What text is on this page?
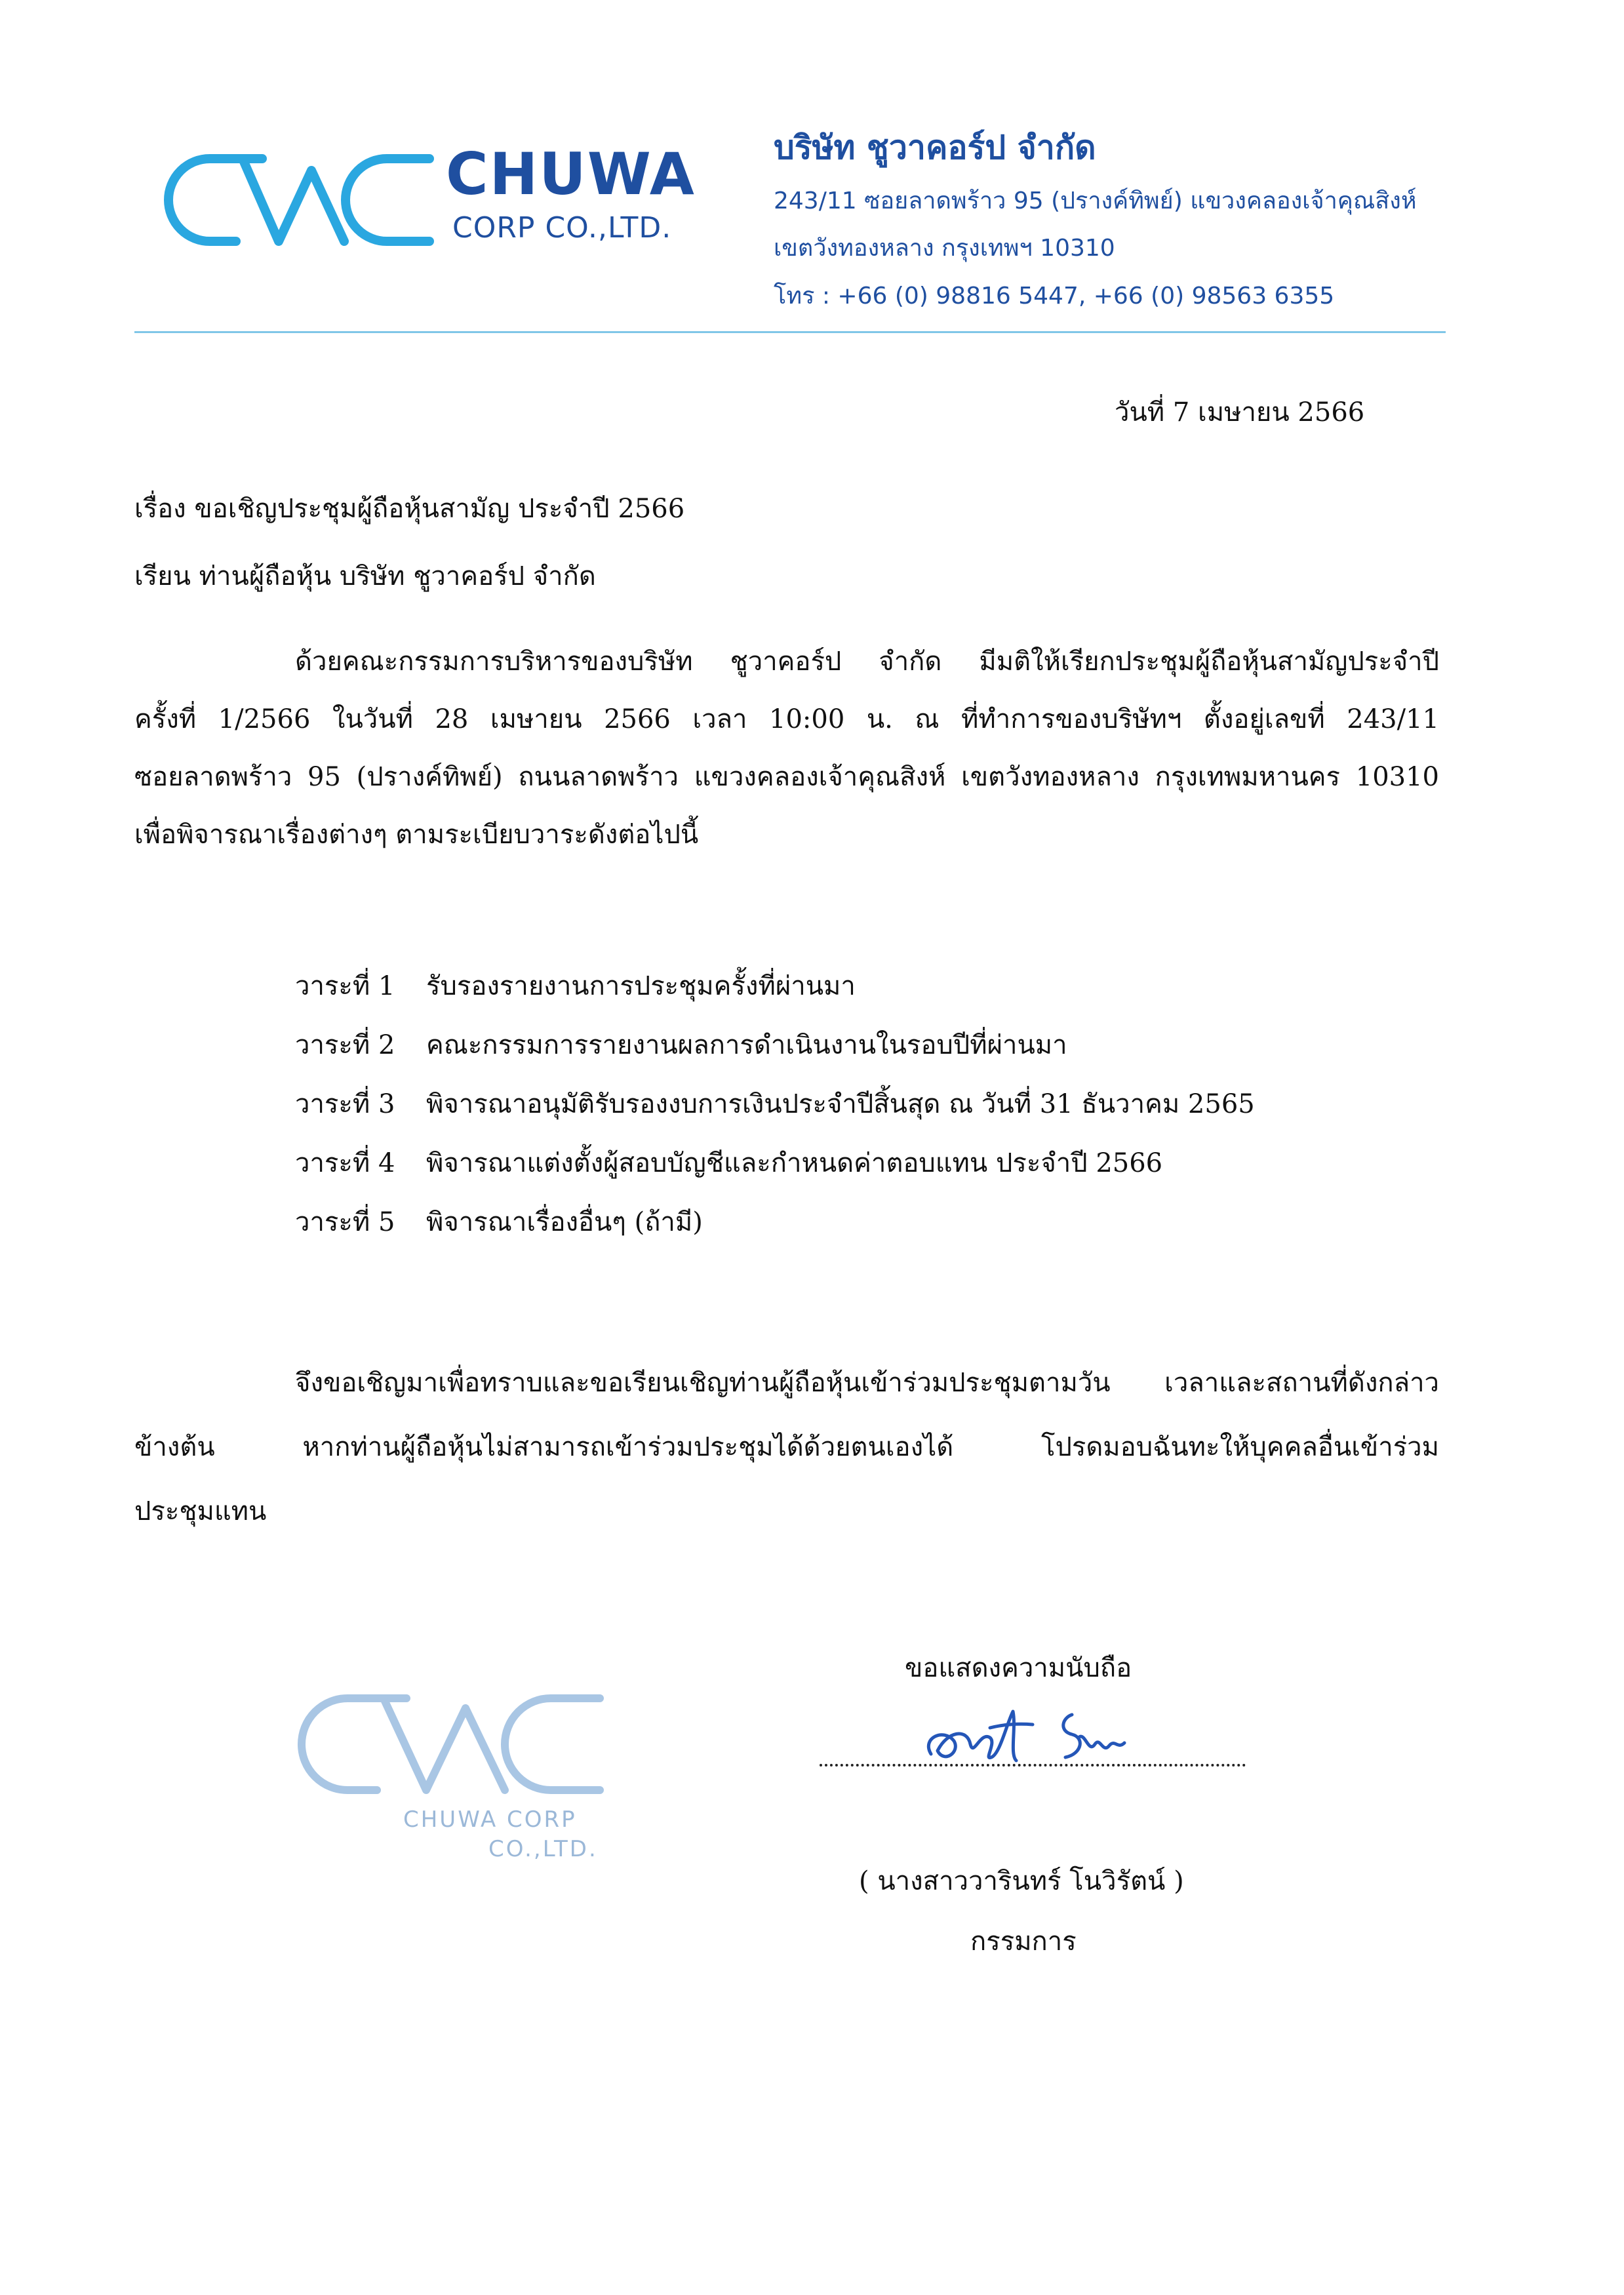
CHUWA
CORP CO.,LTD.
บริษัท ชูวาคอร์ป จำกัด
243/11 ซอยลาดพร้าว 95 (ปรางค์ทิพย์) แขวงคลองเจ้าคุณสิงห์
เขตวังทองหลาง กรุงเทพฯ 10310
โทร : +66 (0) 98816 5447, +66 (0) 98563 6355
วันที่ 7 เมษายน 2566
เรื่อง ขอเชิญประชุมผู้ถือหุ้นสามัญ ประจำปี 2566
เรียน ท่านผู้ถือหุ้น บริษัท ชูวาคอร์ป จำกัด
ด้วยคณะกรรมการบริหารของบริษัท ชูวาคอร์ป จำกัด มีมติให้เรียกประชุมผู้ถือหุ้นสามัญประจำปี
ครั้งที่ 1/2566 ในวันที่ 28 เมษายน 2566 เวลา 10:00 น. ณ ที่ทำการของบริษัทฯ ตั้งอยู่เลขที่ 243/11
ซอยลาดพร้าว 95 (ปรางค์ทิพย์) ถนนลาดพร้าว แขวงคลองเจ้าคุณสิงห์ เขตวังทองหลาง กรุงเทพมหานคร 10310
เพื่อพิจารณาเรื่องต่างๆ ตามระเบียบวาระดังต่อไปนี้
วาระที่ 1 รับรองรายงานการประชุมครั้งที่ผ่านมา
วาระที่ 2 คณะกรรมการรายงานผลการดำเนินงานในรอบปีที่ผ่านมา
วาระที่ 3 พิจารณาอนุมัติรับรองงบการเงินประจำปีสิ้นสุด ณ วันที่ 31 ธันวาคม 2565
วาระที่ 4 พิจารณาแต่งตั้งผู้สอบบัญชีและกำหนดค่าตอบแทน ประจำปี 2566
วาระที่ 5 พิจารณาเรื่องอื่นๆ (ถ้ามี)
จึงขอเชิญมาเพื่อทราบและขอเรียนเชิญท่านผู้ถือหุ้นเข้าร่วมประชุมตามวัน เวลาและสถานที่ดังกล่าว
ข้างต้น หากท่านผู้ถือหุ้นไม่สามารถเข้าร่วมประชุมได้ด้วยตนเองได้ โปรดมอบฉันทะให้บุคคลอื่นเข้าร่วม
ประชุมแทน
ขอแสดงความนับถือ
CHUWA CORP
CO.,LTD.
( นางสาววารินทร์ โนวิรัตน์ )
กรรมการ
